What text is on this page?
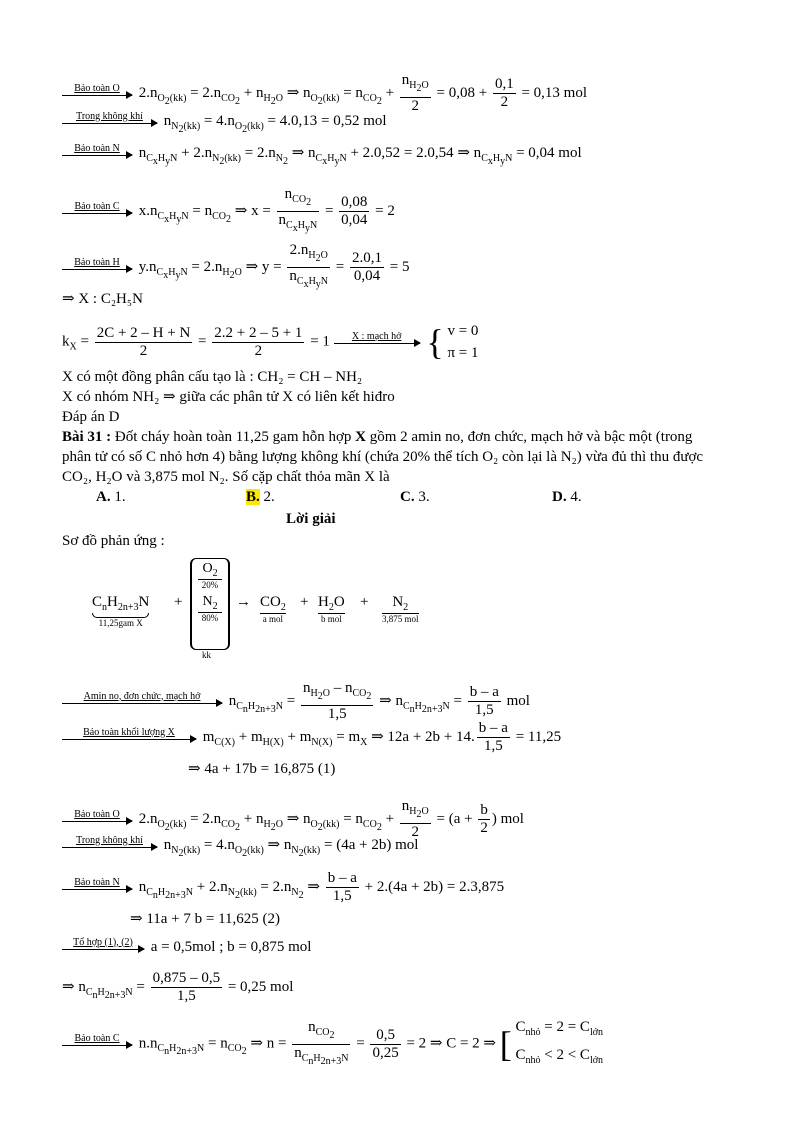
Bảo toàn O	$2.n_{O_2(kk)} = 2.n_{CO_2} + n_{H_2O}$ ⇒ $n_{O_2(kk)} = n_{CO_2} + \frac{n_{H_2O}}{2} = 0,08 + \frac{0,1}{2} = 0,13$ mol
Trong không khí	$n_{N_2(kk)} = 4.n_{O_2(kk)} = 4.0,13 = 0,52$ mol
Bảo toàn N	$n_{C_xH_yN} + 2.n_{N_2(kk)} = 2.n_{N_2}$ ⇒ $n_{C_xH_yN} + 2.0,52 = 2.0,54$ ⇒ $n_{C_xH_yN} = 0,04$ mol
Bảo toàn C	$x.n_{C_xH_yN} = n_{CO_2}$ ⇒ $x = \frac{n_{CO_2}}{n_{C_xH_yN}} = \frac{0,08}{0,04} = 2$
Bảo toàn H	$y.n_{C_xH_yN} = 2.n_{H_2O}$ ⇒ $y = \frac{2.n_{H_2O}}{n_{C_xH_yN}} = \frac{2.0,1}{0,04} = 5$
⇒ X : C₂H₅N
$k_X = \frac{2C + 2 - H + N}{2} = \frac{2.2 + 2 - 5 + 1}{2} = 1$	X : mạch hở { v = 0
π = 1
X có một đồng phân cấu tạo là : CH₂ = CH – NH₂
X có nhóm NH₂ ⇒ giữa các phân tử X có liên kết hiđro
Đáp án D
Bài 31 : Đốt cháy hoàn toàn 11,25 gam hỗn hợp X gồm 2 amin no, đơn chức, mạch hở và bậc một (trong
phân tử có số C nhỏ hơn 4) bằng lượng không khí (chứa 20% thể tích O₂ còn lại là N₂) vừa đủ thì thu được
CO₂, H₂O và 3,875 mol N₂. Số cặp chất thỏa mãn X là
A. 1.	B. 2.	C. 3.	D. 4.
Lời giải
Sơ đồ phản ứng :
$C_nH_{2n+3}N$
11,25gam X
+
$O_2$
20%
$N_2$
80%
kk
→ $CO_2$
a mol
+ $H_2O$
b mol
+	$N_2$
3,875 mol
Amin no, đơn chức, mạch hở	$n_{C_nH_{2n+3}N} = \frac{n_{H_2O} - n_{CO_2}}{1,5}$ ⇒ $n_{C_nH_{2n+3}N} = \frac{b - a}{1,5}$ mol
Bảo toàn khối lượng X	$m_{C(X)} + m_{H(X)} + m_{N(X)} = m_X$ ⇒ 12a + 2b + 14. $\frac{b - a}{1,5} = 11,25$
⇒ 4a + 17b = 16,875 (1)
Bảo toàn O	$2.n_{O_2(kk)} = 2.n_{CO_2} + n_{H_2O}$ ⇒ $n_{O_2(kk)} = n_{CO_2} + \frac{n_{H_2O}}{2} = (a + \frac{b}{2}$ ) mol
Trong không khí	$n_{N_2(kk)} = 4.n_{O_2(kk)}$ ⇒ $n_{N_2(kk)} = (4a + 2b)$ mol
Bảo toàn N	$n_{C_nH_{2n+3}N} + 2.n_{N_2(kk)} = 2.n_{N_2}$ ⇒ $\frac{b - a}{1,5} + 2.(4a + 2b) = 2.3,875$
⇒ 11a + 7 b = 11,625 (2)
Tổ hợp (1), (2)	a = 0,5mol ; b = 0,875 mol
⇒ $n_{C_nH_{2n+3}N} = \frac{0,875 - 0,5}{1,5} = 0,25$ mol
Bảo toàn C	$n.n_{C_nH_{2n+3}N} = n_{CO_2}$ ⇒ $n = \frac{n_{CO_2}}{n_{C_nH_{2n+3}N}} = \frac{0,5}{0,25} = 2$ ⇒ C = 2 ⇒ [ $C_{nhỏ} = 2 = C_{lớn}$
$C_{nhỏ} < 2 < C_{lớn}$
